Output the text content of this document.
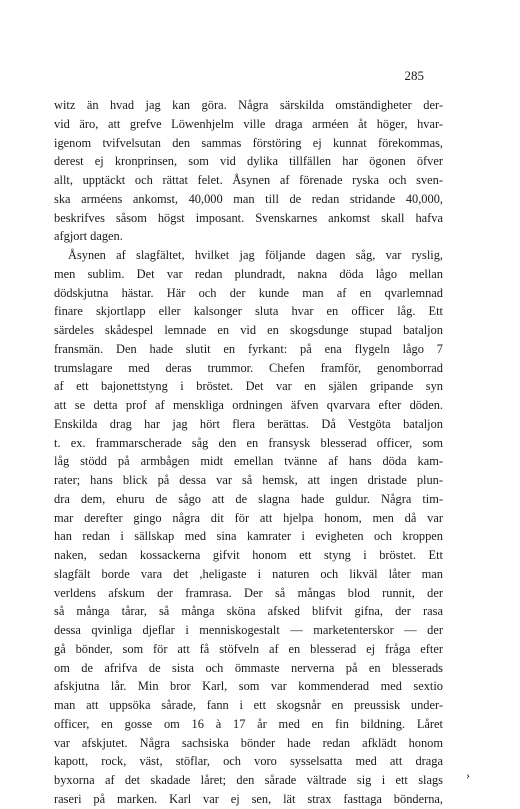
285
witz än hvad jag kan göra. Några särskilda omständigheter der-
vid äro, att grefve Löwenhjelm ville draga arméen åt höger, hvar-
igenom tvifvelsutan den sammas förstöring ej kunnat förekommas,
derest ej kronprinsen, som vid dylika tillfällen har ögonen öfver
allt, upptäckt och rättat felet. Åsynen af förenade ryska och sven-
ska arméens ankomst, 40,000 man till de redan stridande 40,000,
beskrifves såsom högst imposant. Svenskarnes ankomst skall hafva
afgjort dagen.
Åsynen af slagfältet, hvilket jag följande dagen såg, var ryslig,
men sublim. Det var redan plundradt, nakna döda lågo mellan
dödskjutna hästar. Här och der kunde man af en qvarlemnad
finare skjortlapp eller kalsonger sluta hvar en officer låg. Ett
särdeles skådespel lemnade en vid en skogsdunge stupad bataljon
fransmän. Den hade slutit en fyrkant: på ena flygeln lågo 7
trumslagare med deras trummor. Chefen framför, genomborrad
af ett bajonettstyng i bröstet. Det var en själen gripande syn
att se detta prof af menskliga ordningen äfven qvarvara efter döden.
Enskilda drag har jag hört flera berättas. Då Vestgöta bataljon
t. ex. frammarscherade såg den en fransysk blesserad officer, som
låg stödd på armbågen midt emellan tvänne af hans döda kam-
rater; hans blick på dessa var så hemsk, att ingen dristade plun-
dra dem, ehuru de sågo att de slagna hade guldur. Några tim-
mar derefter gingo några dit för att hjelpa honom, men då var
han redan i sällskap med sina kamrater i evigheten och kroppen
naken, sedan kossackerna gifvit honom ett styng i bröstet. Ett
slagfält borde vara det ,heligaste i naturen och likväl låter man
verldens afskum der framrasa. Der så mångas blod runnit, der
så många tårar, så många sköna afsked blifvit gifna, der rasa
dessa qvinliga djeflar i menniskogestalt — marketenterskor — der
gå bönder, som för att få stöfveln af en blesserad ej fråga efter
om de afrifva de sista och ömmaste nerverna på en blesserads
afskjutna lår. Min bror Karl, som var kommenderad med sextio
man att uppsöka sårade, fann i ett skogsnår en preussisk under-
officer, en gosse om 16 à 17 år med en fin bildning. Låret
var afskjutet. Några sachsiska bönder hade redan afklädt honom
kapott, rock, väst, stöflar, och voro sysselsatta med att draga
byxorna af det skadade låret; den sårade vältrade sig i ett slags
raseri på marken. Karl var ej sen, lät strax fasttaga bönderna,
›
